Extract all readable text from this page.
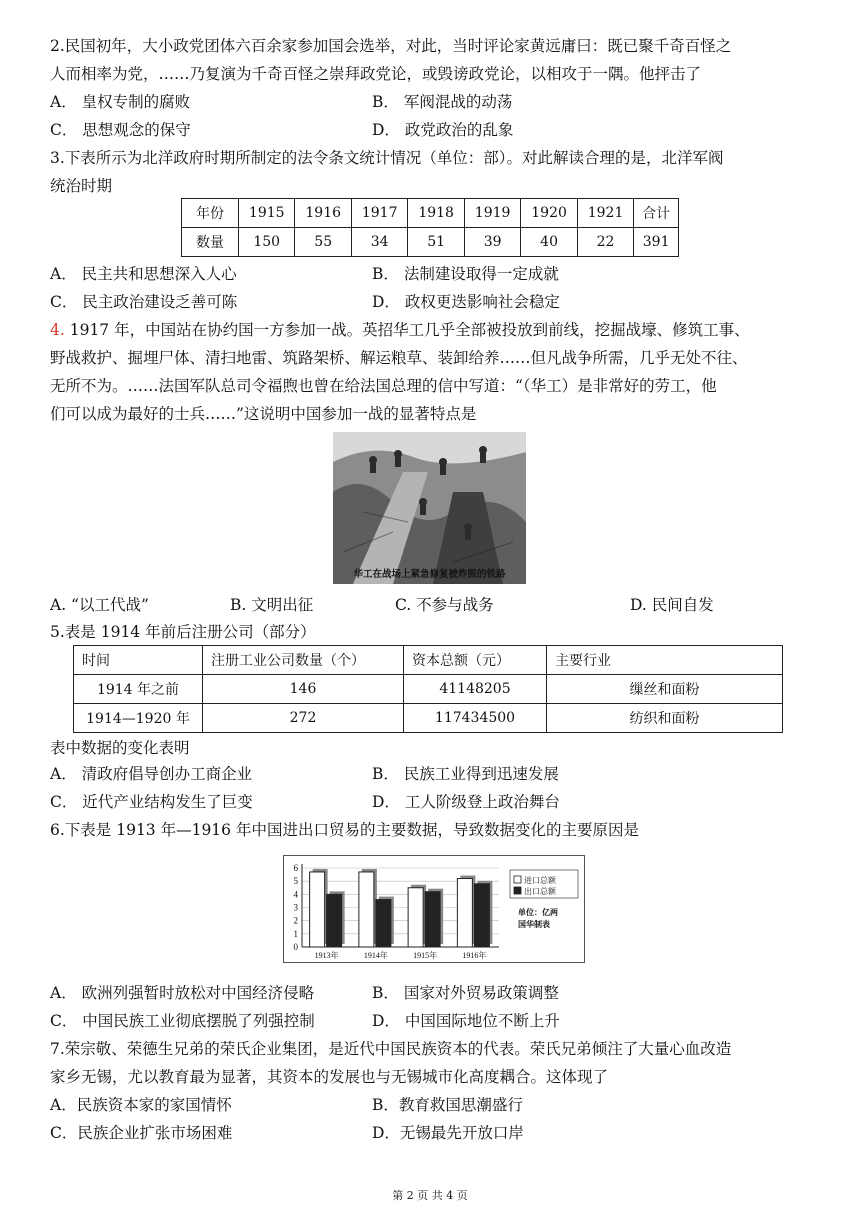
2.民国初年，大小政党团体六百余家参加国会选举，对此，当时评论家黄远庸曰：既已聚千奇百怪之
人而相率为党，……乃复演为千奇百怪之崇拜政党论，或毁谤政党论，以相攻于一隅。他抨击了
A． 皇权专制的腐败	B． 军阀混战的动荡
C． 思想观念的保守	D． 政党政治的乱象
3.下表所示为北洋政府时期所制定的法令条文统计情况（单位：部）。对此解读合理的是，北洋军阀
统治时期
年份	1915	1916	1917	1918	1919	1920	1921	合计
数量	150	55	34	51	39	40	22	391
A． 民主共和思想深入人心	B． 法制建设取得一定成就
C． 民主政治建设乏善可陈	D． 政权更迭影响社会稳定
4. 1917 年，中国站在协约国一方参加一战。英招华工几乎全部被投放到前线，挖掘战壕、修筑工事、
野战救护、掘埋尸体、清扫地雷、筑路架桥、解运粮草、装卸给养……但凡战争所需，几乎无处不往、
无所不为。……法国军队总司令福煦也曾在给法国总理的信中写道：“（华工）是非常好的劳工，他
们可以成为最好的士兵……”这说明中国参加一战的显著特点是
华工在战场上紧急修复被炸毁的铁路
A. “以工代战”	B. 文明出征	C. 不参与战务	D. 民间自发
5.表是 1914 年前后注册公司（部分）
时间	注册工业公司数量（个）	资本总额（元）	主要行业
1914 年之前	146	41148205	缫丝和面粉
1914—1920 年	272	117434500	纺织和面粉
表中数据的变化表明
A． 清政府倡导创办工商企业	B． 民族工业得到迅速发展
C． 近代产业结构发生了巨变	D． 工人阶级登上政治舞台
6.下表是 1913 年—1916 年中国进出口贸易的主要数据，导致数据变化的主要原因是
0
1
2
3
4
5
6
1913年	1914年	1915年	1916年
进口总额
出口总额
单位：亿两
国华制表
A． 欧洲列强暂时放松对中国经济侵略	B． 国家对外贸易政策调整
C． 中国民族工业彻底摆脱了列强控制	D． 中国国际地位不断上升
7.荣宗敬、荣德生兄弟的荣氏企业集团，是近代中国民族资本的代表。荣氏兄弟倾注了大量心血改造
家乡无锡，尤以教育最为显著，其资本的发展也与无锡城市化高度耦合。这体现了
A．民族资本家的家国情怀	B．教育救国思潮盛行
C．民族企业扩张市场困难	D．无锡最先开放口岸
第 2 页 共 4 页
